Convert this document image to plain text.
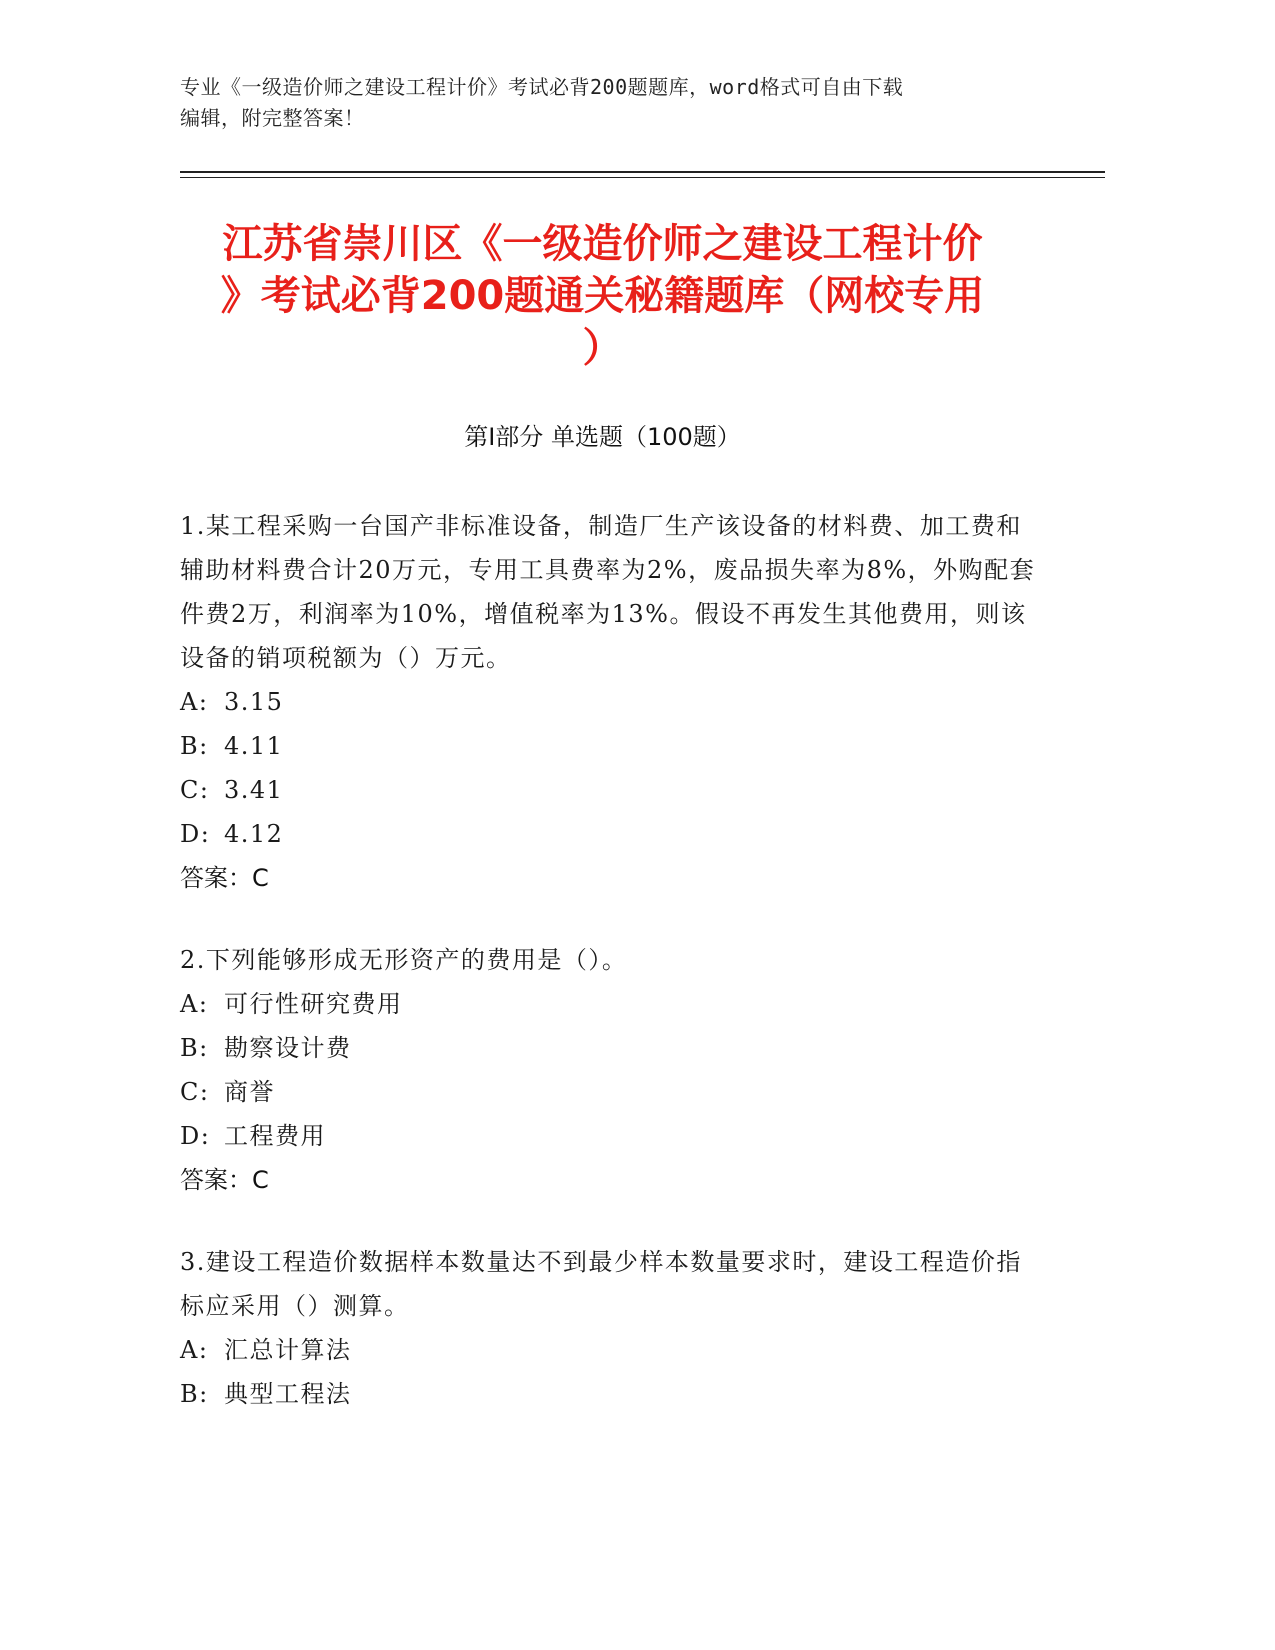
专业《一级造价师之建设工程计价》考试必背200题题库，word格式可自由下载
编辑，附完整答案！
江苏省崇川区《一级造价师之建设工程计价
》考试必背200题通关秘籍题库（网校专用
）
第Ⅰ部分 单选题（100题）

1.某工程采购一台国产非标准设备，制造厂生产该设备的材料费、加工费和辅助材料费合计20万元，专用工具费率为2%，废品损失率为8%，外购配套件费2万，利润率为10%，增值税率为13%。假设不再发生其他费用，则该设备的销项税额为（）万元。

A: 3.15
B: 4.11
C: 3.41
D: 4.12
答案：C

2.下列能够形成无形资产的费用是（）。

A: 可行性研究费用
B: 勘察设计费
C: 商誉
D: 工程费用
答案：C

3.建设工程造价数据样本数量达不到最少样本数量要求时，建设工程造价指标应采用（）测算。

A: 汇总计算法
B: 典型工程法
